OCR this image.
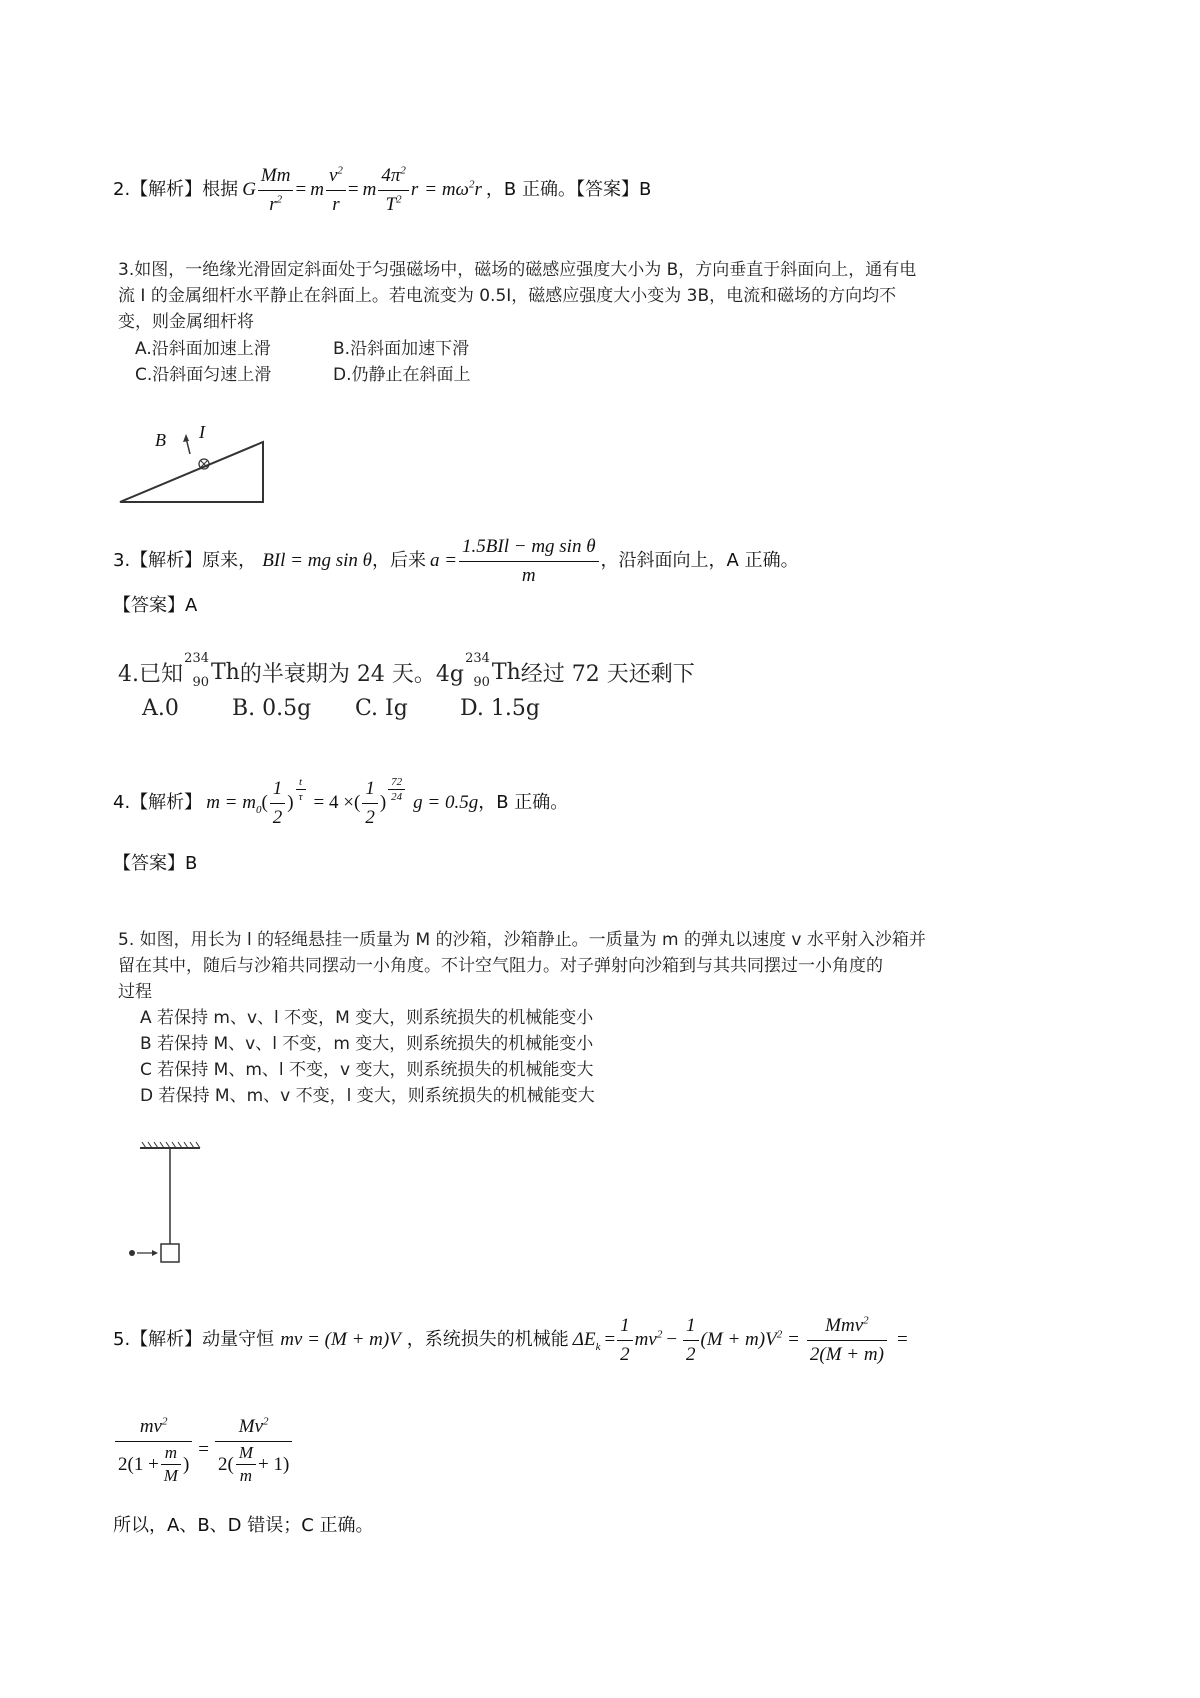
2.【解析】根据 G $\frac{Mm}{r^2} = m \frac{v^2}{r} = m \frac{4\pi^2}{T^2}$ $r = m\omega^2r$ ，B 正确。【答案】B
3.如图，一绝缘光滑固定斜面处于匀强磁场中，磁场的磁感应强度大小为 B，方向垂直于斜面向上，通有电
流 I 的金属细杆水平静止在斜面上。若电流变为 0.5I，磁感应强度大小变为 3B，电流和磁场的方向均不
变，则金属细杆将
A.沿斜面加速上滑	B.沿斜面加速下滑
C.沿斜面匀速上滑	D.仍静止在斜面上
B I
3.【解析】原来， BIl = mg sin θ ，后来 $a = \frac{\text{1.5BIl − mg sin θ}}{m}$ ，沿斜面向上，A 正确。
【答案】A
4.已知
234
90 Th 的半衰期为 24 天。4g
234
90 Th 经过 72 天还剩下
A.0 B. 0.5g C. Ig D. 1.5g
4.【解析】 $m = m_0$ ( $\frac{1}{2}$ ) $\frac{t}{\tau} = 4$ × ( $\frac{1}{2}$ ) $\frac{72}{24}$ g = 0.5g ，B 正确。
【答案】B
5. 如图，用长为 l 的轻绳悬挂一质量为 M 的沙箱，沙箱静止。一质量为 m 的弹丸以速度 v 水平射入沙箱并
留在其中，随后与沙箱共同摆动一小角度。不计空气阻力。对子弹射向沙箱到与其共同摆过一小角度的
过程
A 若保持 m、v、l 不变，M 变大，则系统损失的机械能变小
B 若保持 M、v、l 不变，m 变大，则系统损失的机械能变小
C 若保持 M、m、l 不变，v 变大，则系统损失的机械能变大
D 若保持 M、m、v 不变，l 变大，则系统损失的机械能变大
5.【解析】动量守恒 mv = (M + m)V ，系统损失的机械能 $\Delta E_k = \frac{1}{2} mv^2 - \frac{1}{2} (M + m)V^2 = \frac{Mmv^2}{2(M + m)}$ =
$\frac{mv^2}{2(1 + \frac{m}{M} )} = \frac{Mv^2}{2( \frac{M}{m} + 1)}$
所以，A、B、D 错误；C 正确。
